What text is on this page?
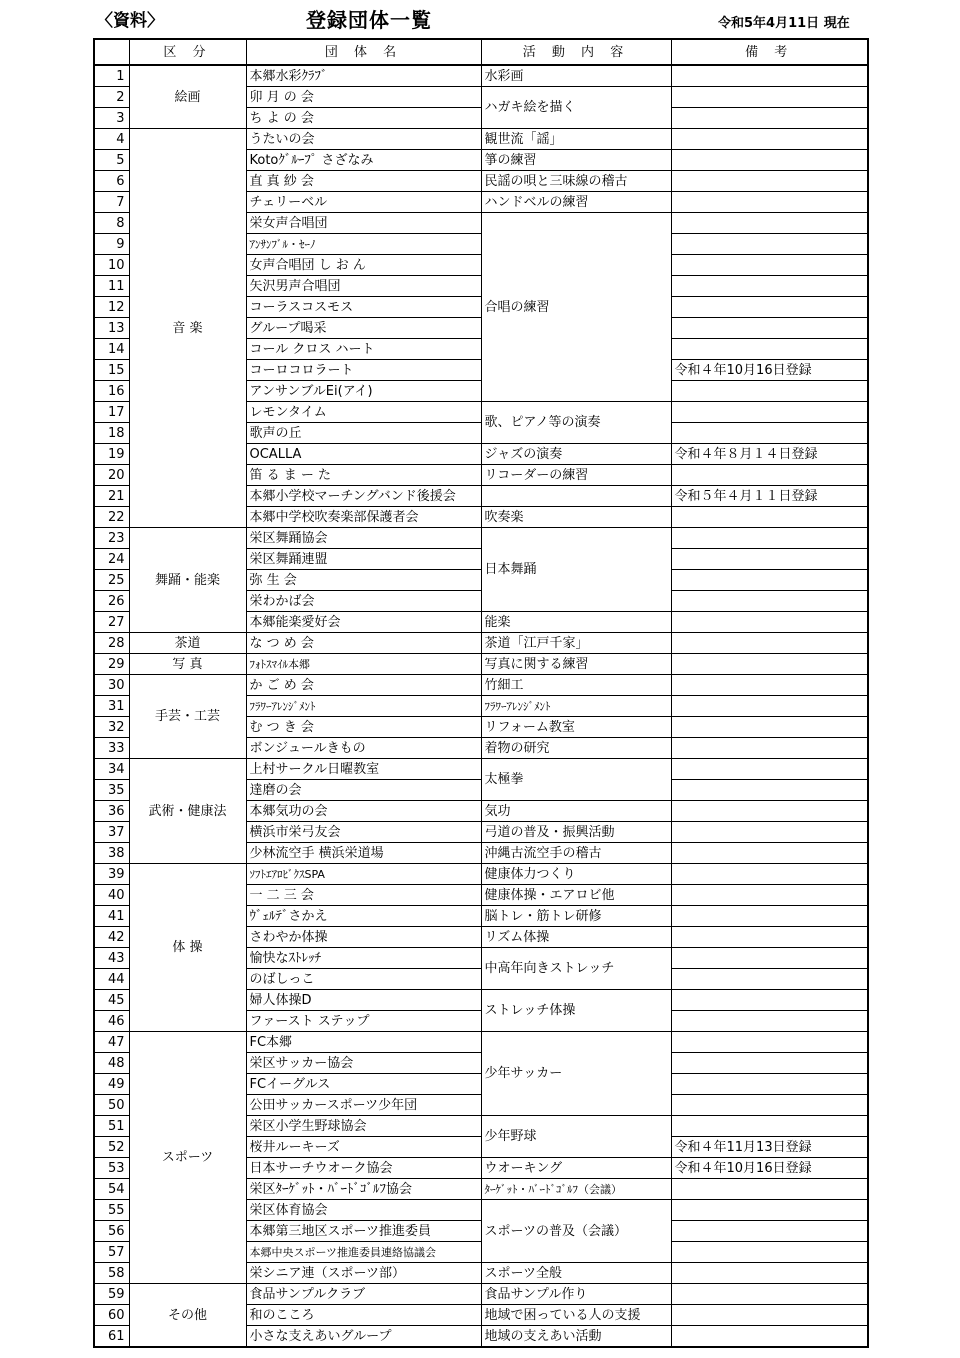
〈資料〉	登録団体一覧	令和5年4月11日 現在
	区 分	団 体 名	活 動 内 容	備 考
1	絵画	本郷水彩ｸﾗﾌﾞ	水彩画	
2		卯 月 の 会	ハガキ絵を描く	
3		ち よ の 会		
4	音 楽	うたいの会	観世流「謡」	
5		Kotoｸﾞﾙｰﾌﾟ さざなみ	箏の練習	
6		直 真 紗 会	民謡の唄と三味線の稽古	
7		チェリーベル	ハンドベルの練習	
8		栄女声合唱団	合唱の練習	
9		ｱﾝｻﾝﾌﾞﾙ・ｾｰﾉ		
10		女声合唱団 し お ん		
11		矢沢男声合唱団		
12		コーラスコスモス		
13		グループ喝采		
14		コール クロス ハート		
15		コーロコロラート		令和４年10月16日登録
16		アンサンブルEi(アイ)		
17		レモンタイム	歌、ピアノ等の演奏	
18		歌声の丘		
19		OCALLA	ジャズの演奏	令和４年８月１４日登録
20		笛 る ま ー た	リコーダーの練習	
21		本郷小学校マーチングバンド後援会		令和５年４月１１日登録
22		本郷中学校吹奏楽部保護者会	吹奏楽	
23	舞踊・能楽	栄区舞踊協会	日本舞踊	
24		栄区舞踊連盟		
25		弥 生 会		
26		栄わかば会		
27		本郷能楽愛好会	能楽	
28	茶道	な つ め 会	茶道「江戸千家」	
29	写 真	ﾌｫﾄｽﾏｲﾙ本郷	写真に関する練習	
30	手芸・工芸	か ご め 会	竹細工	
31		ﾌﾗﾜｰｱﾚﾝｼﾞﾒﾝﾄ	ﾌﾗﾜｰｱﾚﾝｼﾞﾒﾝﾄ	
32		む つ き 会	リフォーム教室	
33		ボンジュールきもの	着物の研究	
34	武術・健康法	上村サークル日曜教室	太極拳	
35		達磨の会		
36		本郷気功の会	気功	
37		横浜市栄弓友会	弓道の普及・振興活動	
38		少林流空手 横浜栄道場	沖縄古流空手の稽古	
39	体 操	ｿﾌﾄｴｱﾛﾋﾞｸｽSPA	健康体力つくり	
40		一 二 三 会	健康体操・エアロビ他	
41		ｳﾞｪﾙﾃﾞさかえ	脳トレ・筋トレ研修	
42		さわやか体操	リズム体操	
43		愉快なｽﾄﾚｯﾁ	中高年向きストレッチ	
44		のばしっこ		
45		婦人体操D	ストレッチ体操	
46		ファースト ステップ		
47	スポーツ	FC本郷	少年サッカー	
48		栄区サッカー協会		
49		FCイーグルス		
50		公田サッカースポーツ少年団		
51		栄区小学生野球協会	少年野球	
52		桜井ルーキーズ		令和４年11月13日登録
53		日本サーチウオーク協会	ウオーキング	令和４年10月16日登録
54		栄区ﾀｰｹﾞｯﾄ・ﾊﾞｰﾄﾞｺﾞﾙﾌ協会	ﾀｰｹﾞｯﾄ・ﾊﾞｰﾄﾞｺﾞﾙﾌ（会議）	
55		栄区体育協会	スポーツの普及（会議）	
56		本郷第三地区スポーツ推進委員		
57		本郷中央スポーツ推進委員連絡協議会		
58		栄シニア連（スポーツ部）	スポーツ全般	
59	その他	食品サンプルクラブ	食品サンプル作り	
60		和のこころ	地域で困っている人の支援	
61		小さな支えあいグループ	地域の支えあい活動	
